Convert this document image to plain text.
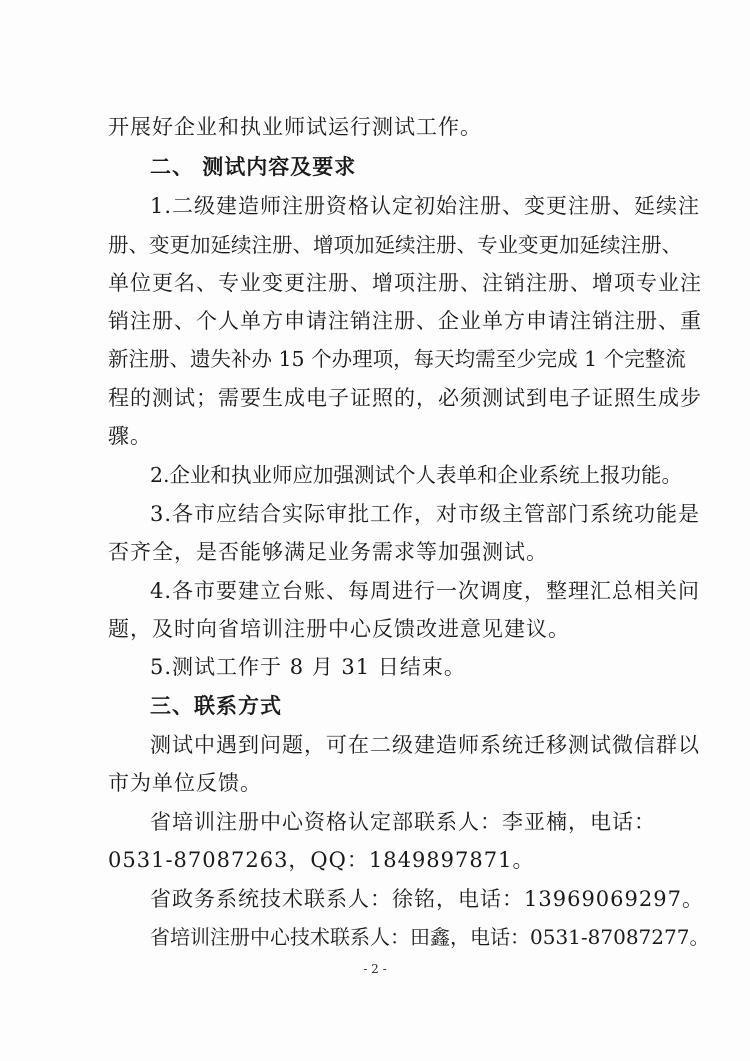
开展好企业和执业师试运行测试工作。
二、 测试内容及要求
1.二级建造师注册资格认定初始注册、变更注册、延续注
册、变更加延续注册、增项加延续注册、专业变更加延续注册、
单位更名、专业变更注册、增项注册、注销注册、增项专业注
销注册、个人单方申请注销注册、企业单方申请注销注册、重
新注册、遗失补办 15 个办理项，每天均需至少完成 1 个完整流
程的测试；需要生成电子证照的，必须测试到电子证照生成步
骤。
2.企业和执业师应加强测试个人表单和企业系统上报功能。
3.各市应结合实际审批工作，对市级主管部门系统功能是
否齐全，是否能够满足业务需求等加强测试。
4.各市要建立台账、每周进行一次调度，整理汇总相关问
题，及时向省培训注册中心反馈改进意见建议。
5.测试工作于 8 月 31 日结束。
三、联系方式
测试中遇到问题，可在二级建造师系统迁移测试微信群以
市为单位反馈。
省培训注册中心资格认定部联系人：李亚楠，电话：
0531-87087263，QQ：1849897871。
省政务系统技术联系人：徐铭，电话：13969069297。
省培训注册中心技术联系人：田鑫，电话：0531-87087277。
- 2 -
